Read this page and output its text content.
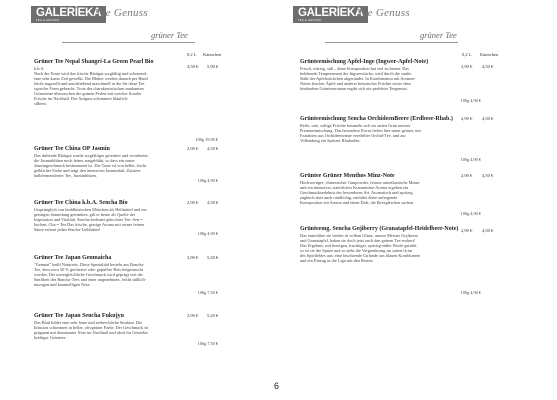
GALERÍEKA
TEA & GENUSS
Tee Genuss
grüner Tee
0,2 L Kännchen
Grüner Tee Nepal Shangri-La Green Pearl Bio
k.b.A
Nach der Ernte wird das frische Blattgut sorgfältig und schonend:
eine sehr kurze Zeit gewelkt. Die Blätter werden danach per Hand
leicht angerollt und anschließend maschinell in die für diese Tee
typische Form gebracht. Trotz der charakteristischen markanten
Grünstreue überraschen die grünen Perlen mit weicher floraler
Frische im Nachhall. Der Aufguss schimmert bläulich-
silbern.
100g 19,90 €
4,50 € 5,90 €
Grüner Tee China OP Jasmin
Das duftende Blattgut wurde sorgfältiger gerentert und verarbeitet,
die Jasminblüten noch feiner ausgeblüht, so dass ein zarter
Jasmingeschmack bestimmend ist. Die Tasse ist von heller, leicht
gelblicher Farbe und trägt den intensiven Jasminduft. Zutaten:
halbfermentierter Tee, Jasminblüten.
100g 4,90 €
2,90 € 4,50 €
Grüner Tee China k.b.A. Sencha Bio
Ursprünglich von buddhistischen Mönchen als Heilmittel und zur
geistigen Sammlung getrunken, gilt er heute als Quelle der
Inspiration und Vitalität. Sencha bedeutet gekochter Tee: Sen =
kochen, Cha = Tee.Das frische, grasige Aroma mit seiner feinen
Säure erfreut jeden Sencha-Liebhaber!
100g 4,90 €
2,90 € 4,50 €
Grüner Tee Japan Genmaicha
"Genmai" heißt Naturreis. Diese Spezialität besteht aus Bancha-
Tee, dem etwa 50 % gerösteter oder gepuffter Reis beigemischt
werden. Der unvergleichliche Geschmack wird geprägt von der
Sanftheit des Bancha-Tees und einer angenehmen, leicht süßlich-
nussigen und karamelligen Note.
100g 7,50 €
3,90 € 5,20 €
Grüner Tee Japan Sencha Fukujyu
Das Blatt bildet eine sehr feine und zerbrechliche Struktur. Die
Infusion schimmert in heller, olivgrüner Farbe. Der Geschmack ist
prägnant mit dominanter Note im Nachhall und ideal für Genießer
kräftiger Grüntees.
100g 7,50 €
3,90 € 5,20 €
GALERÍEKA
TEA & GENUSS
Tee Genuss
grüner Tee
0,2 L Kännchen
Grünteemischung Apfel-Inge (Ingwer-Apfel-Note)
Frisch, würzig, süß – diese Komposition hat viel zu bieten. Das
belebende Temperament der Ingwerstücke, wird durch die sanfte
Süße der Apfelstückchen abgerundet. In Kombination mit Aromen-
Noten frischer Äpfel und anderer heimischer Früchte sowie dem
feinherben Grünteearoman ergibt sich ein perfekter Teegenuss.
100g 4,90 €
2,90 € 4,50 €
Grünteemischung Sencha OrchideenBeere (Erdbeer-Rhab.)
Reife, rote, saftige Früchte tummeln sich im satten Grün unserer
Premiummischung. Das besondere Etwas liefert hier unser grüner, mit
Extrakten aus Orchideenvanie veredelter Orchid-Tee, und zur
Vollendung ein Spritzer Rhabarber.
100g 4,90 €
2,90 € 4,50 €
Grüntee Grüner Menthos Minz-Note
Hochwertiger, chinesischer Gunpowder, feinste amerikanische Minze
und ein intensives, natürliches Krauseminz-Aroma ergeben ein
Geschmackserlebnis der besonderen Art. Aromatisch und spritzig,
zugleich aber auch rundlichig, entfaltet diese aufregende
Komposition ein Aroma und einen Duft, die Ihresgleichen suchen.
100g 4,90 €
2,90 € 4,50 €
Grünteemg. Sencha Gojiberry (Granatapfel-Heidelbeer-Note)
Das erntefähre sie wieder in vollem Glanz, unsere Meister Gojibeere
und Granatapfel, haben sie doch jetzt auch den grünen Tee erobert!
Das Ergebnis: mit beerigen, fruchtiger, spritzig-süßer Wurfe getrübt
so ist sie die Spitze und so sieht die Vergrenkrong im satten Grün
des Spielfeldes aus: eine leuchtende Girlande aus blauen Kornblumen
und ein Einzug in die Liga mit den Besten.
100g 4,90 €
2,90 € 4,50 €
6
